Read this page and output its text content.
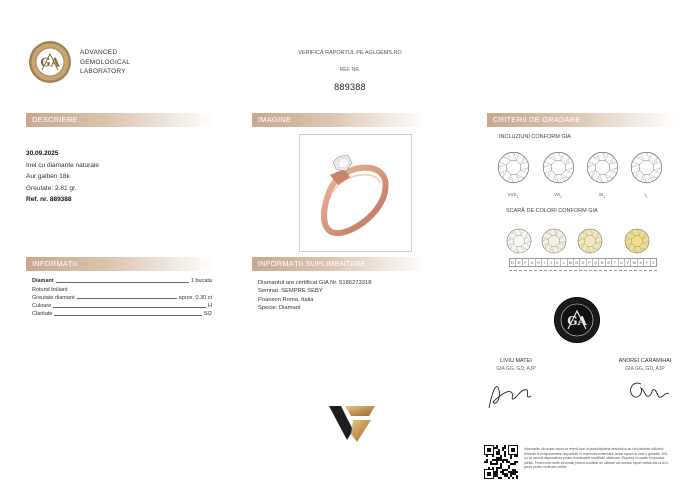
GA
ADVANCED
GEMOLOGICAL
LABORATORY
VERIFICĂ RAPORTUL PE AGLGEMS.RO
REF. NR.
889388
DESCRIERE	IMAGINE	CRITERII DE GRADARE
INFORMAȚII	INFORMAȚII SUPLIMENTARE
30.09.2025
Inel cu diamante naturale
Aur galben 18k
Greutate: 2.81 gr.
Ref. nr. 889388
Diamant	1 bucata
Rotund briliant
Greutate diamant	aprox. 0.30 ct
Culoare	H
Claritate	SI2
Diamantul are certificat GIA Nr. 5186273318
Semnat: SEMPRE SEBY
Poanson Roma, Italia
Specie: Diamant
INCLUZIUNI CONFORM GIA
$VVS_1$	$VS_1$	$SI_1$	$I_1$
SCARĂ DE COLORI CONFORM GIA
D	E	F	G	H	I	J	K	L	M	N	O	P	Q	R	S	T	U	V	W	X	Y	Z
GA
LIVIU MATEI
GIA GG, GD, AJP
ANDREI CARAMIHAI
GIA GG, GD, AJP
Informațiile din acest raport se referă doar la piatra/bijuteria descrisă și au fost obținute utilizând tehnicile și echipamentele disponibile în momentul examinării. Acest raport nu este o garanție. AGL nu își asumă răspunderea pentru eventualele modificări ulterioare. Raportul nu poate fi reprodus parțial. Pentru mai multe informații privind condițiile de utilizare ale acestui raport vizitați site-ul AGL gems pentru verificare online.
